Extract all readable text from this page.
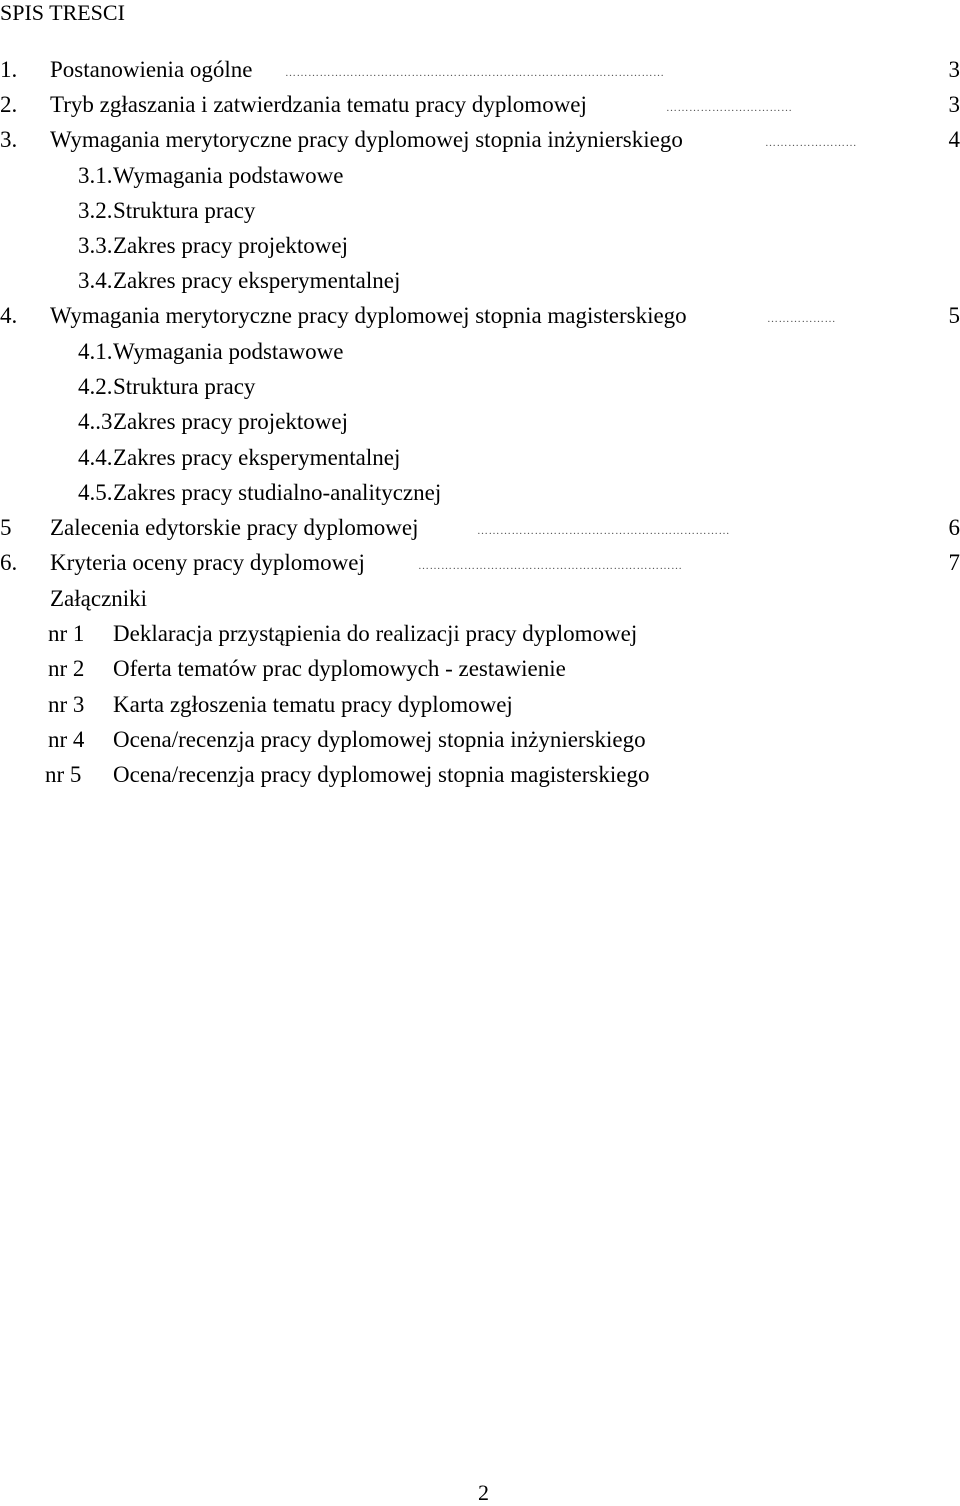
SPIS TRESCI
1. Postanowienia ogólne	………………………………………………………………………………………	3
2. Tryb zgłaszania i zatwierdzania tematu pracy dyplomowej	……………………………	3
3. Wymagania merytoryczne pracy dyplomowej stopnia inżynierskiego	……………………	4
3.1. Wymagania podstawowe
3.2. Struktura pracy
3.3. Zakres pracy projektowej
3.4. Zakres pracy eksperymentalnej
4. Wymagania merytoryczne pracy dyplomowej stopnia magisterskiego	………………	5
4.1. Wymagania podstawowe
4.2. Struktura pracy
4..3 Zakres pracy projektowej
4.4. Zakres pracy eksperymentalnej
4.5. Zakres pracy studialno-analitycznej
5 Zalecenia edytorskie pracy dyplomowej	…………………………………………………………	6
6. Kryteria oceny pracy dyplomowej	……………………………………………………………	7
Załączniki
nr 1 Deklaracja przystąpienia do realizacji pracy dyplomowej
nr 2 Oferta tematów prac dyplomowych - zestawienie
nr 3 Karta zgłoszenia tematu pracy dyplomowej
nr 4 Ocena/recenzja pracy dyplomowej stopnia inżynierskiego
nr 5 Ocena/recenzja pracy dyplomowej stopnia magisterskiego
2
